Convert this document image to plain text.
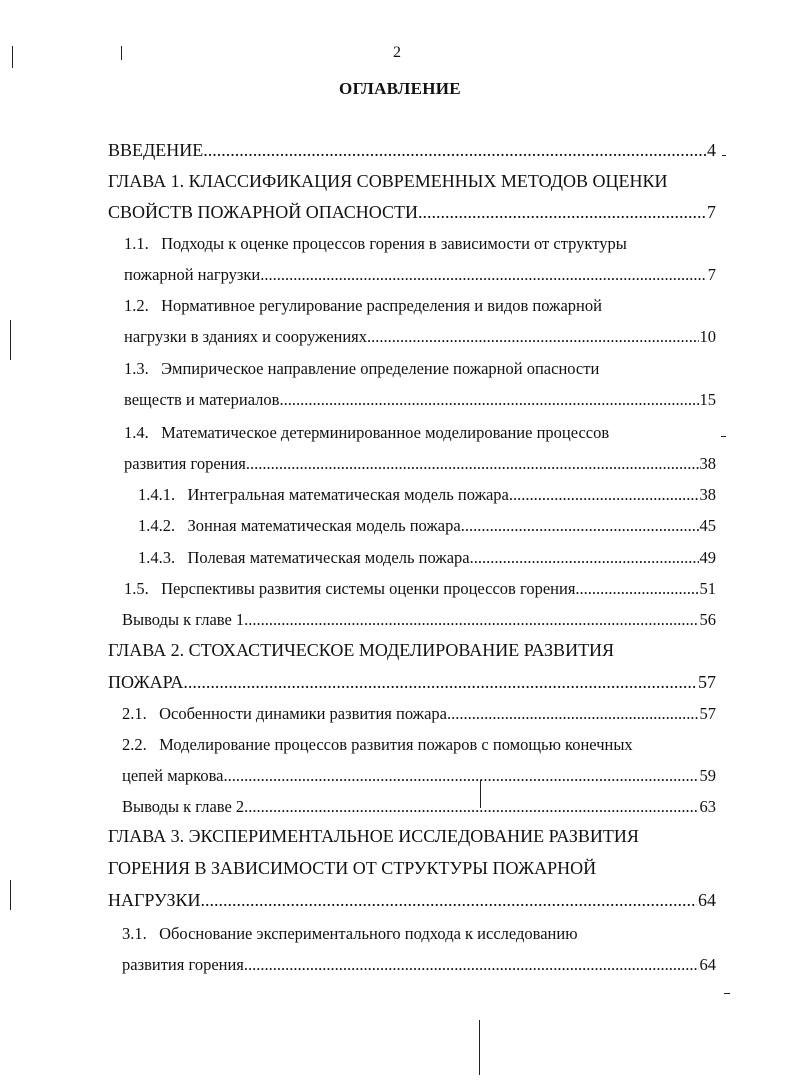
2
ОГЛАВЛЕНИЕ
ВВЕДЕНИЕ .....	4
ГЛАВА 1. КЛАССИФИКАЦИЯ СОВРЕМЕННЫХ МЕТОДОВ ОЦЕНКИ
СВОЙСТВ ПОЖАРНОЙ ОПАСНОСТИ .....	7
1.1.   Подходы к оценке процессов горения в зависимости от структуры
пожарной нагрузки .....	7
1.2.   Нормативное регулирование распределения и видов пожарной
нагрузки в зданиях и сооружениях .....	10
1.3.   Эмпирическое направление определение пожарной опасности
веществ и материалов .....	15
1.4.   Математическое детерминированное моделирование процессов
развития горения .....	38
1.4.1.   Интегральная математическая модель пожара .....	38
1.4.2.   Зонная математическая модель пожара .....	45
1.4.3.   Полевая математическая модель пожара .....	49
1.5.   Перспективы развития системы оценки процессов горения .....	51
Выводы к главе 1 .....	56
ГЛАВА 2. СТОХАСТИЧЕСКОЕ МОДЕЛИРОВАНИЕ РАЗВИТИЯ
ПОЖАРА .....	57
2.1.   Особенности динамики развития пожара .....	57
2.2.   Моделирование процессов развития пожаров с помощью конечных
цепей маркова .....	59
Выводы к главе 2 .....	63
ГЛАВА 3. ЭКСПЕРИМЕНТАЛЬНОЕ ИССЛЕДОВАНИЕ РАЗВИТИЯ
ГОРЕНИЯ В ЗАВИСИМОСТИ ОТ СТРУКТУРЫ ПОЖАРНОЙ
НАГРУЗКИ .....	64
3.1.   Обоснование экспериментального подхода к исследованию
развития горения .....	64
